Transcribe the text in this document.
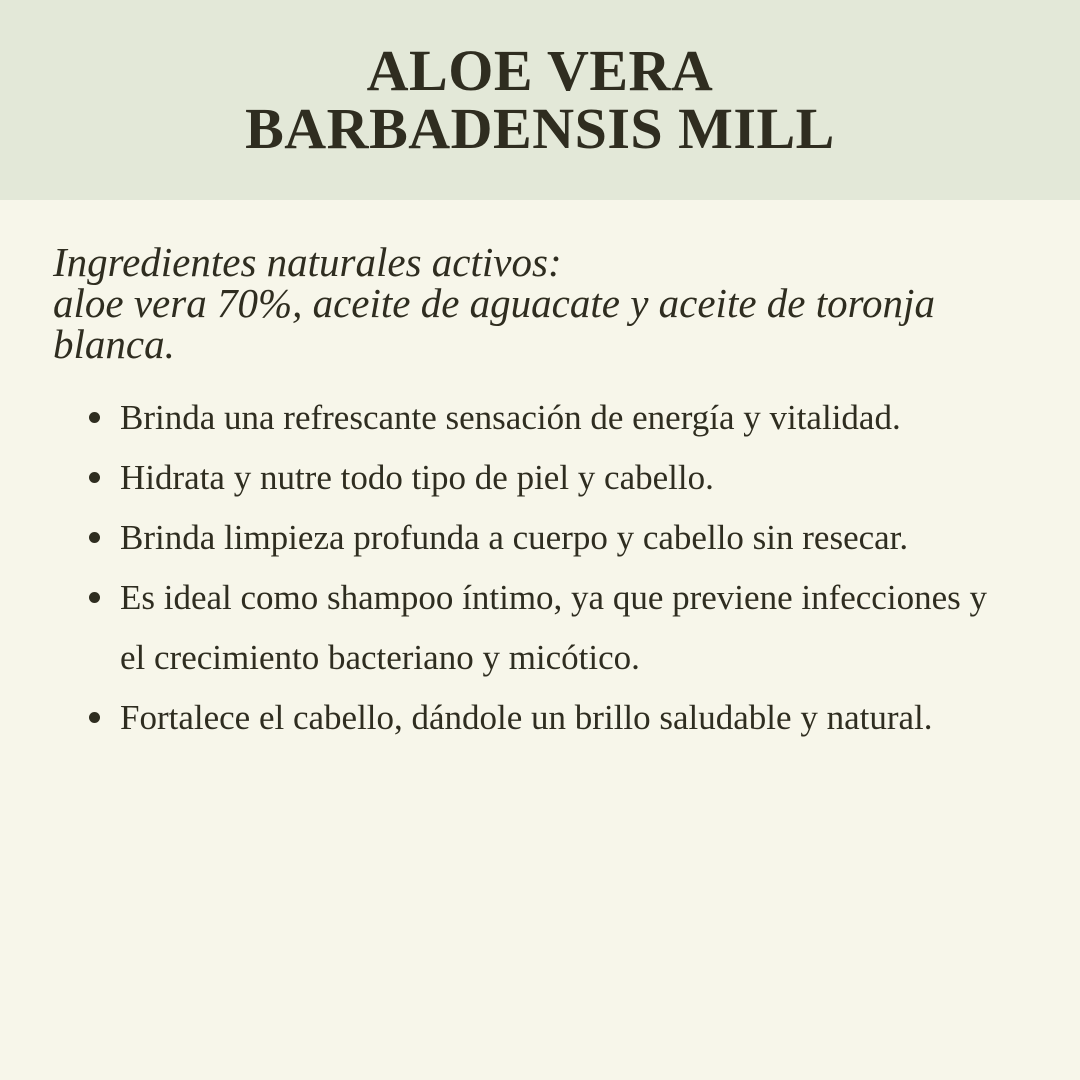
ALOE VERA
BARBADENSIS MILL
Ingredientes naturales activos:
aloe vera 70%, aceite de aguacate y aceite de toronja
blanca.
Brinda una refrescante sensación de energía y vitalidad.
Hidrata y nutre todo tipo de piel y cabello.
Brinda limpieza profunda a cuerpo y cabello sin resecar.
Es ideal como shampoo íntimo, ya que previene infecciones y el crecimiento bacteriano y micótico.
Fortalece el cabello, dándole un brillo saludable y natural.
